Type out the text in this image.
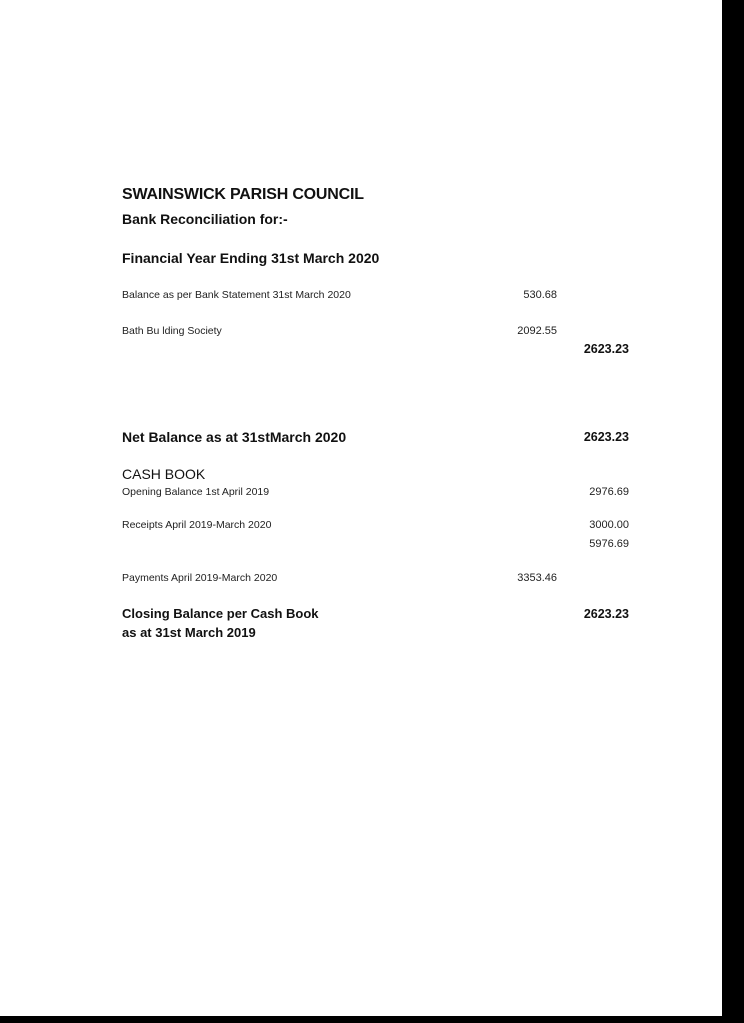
SWAINSWICK PARISH COUNCIL
Bank Reconciliation for:-
Financial Year Ending 31st March 2020
Balance as per Bank Statement 31st March 2020	530.68
Bath Bu lding Society	2092.55
2623.23
Net Balance as at 31stMarch 2020	2623.23
CASH BOOK
Opening Balance 1st April 2019	2976.69
Receipts April 2019-March 2020	3000.00
5976.69
Payments April 2019-March 2020	3353.46
Closing Balance per Cash Book
as at 31st March 2019
2623.23
